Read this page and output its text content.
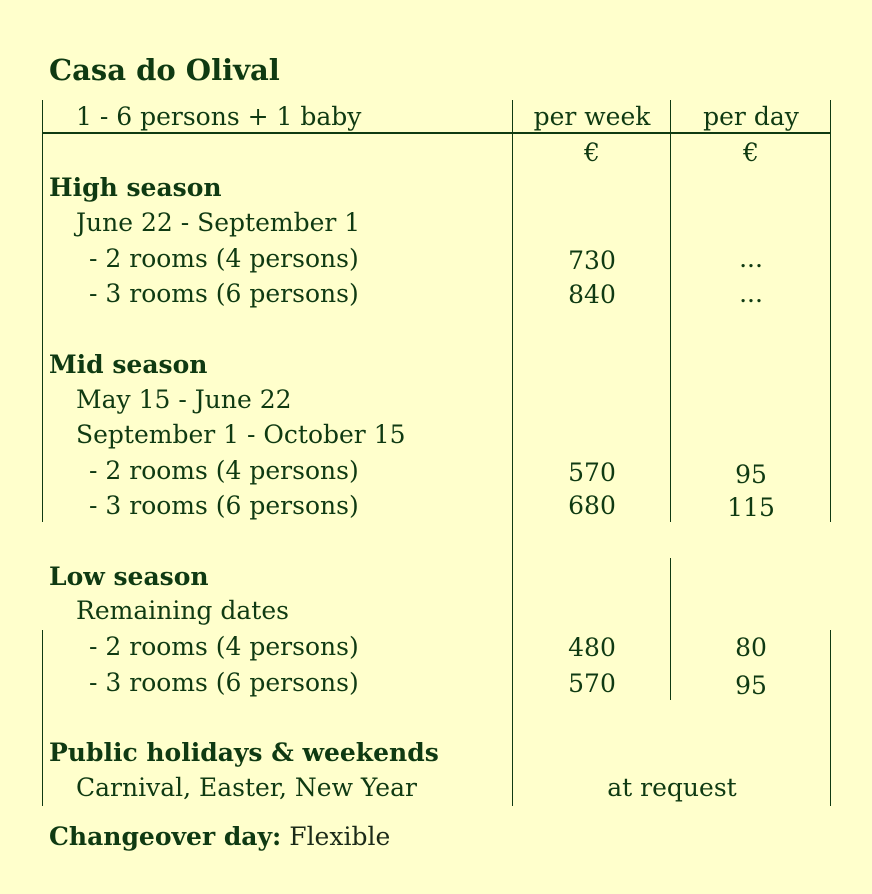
Casa do Olival
1 - 6 persons + 1 baby	per week	per day
€	€
High season
June 22 - September 1
- 2 rooms (4 persons)	730	...
- 3 rooms (6 persons)	840	...
Mid season
May 15 - June 22
September 1 - October 15
- 2 rooms (4 persons)	570	95
- 3 rooms (6 persons)	680	115
Low season
Remaining dates
- 2 rooms (4 persons)	480	80
- 3 rooms (6 persons)	570	95
Public holidays & weekends
Carnival, Easter, New Year	at request
Changeover day: Flexible
